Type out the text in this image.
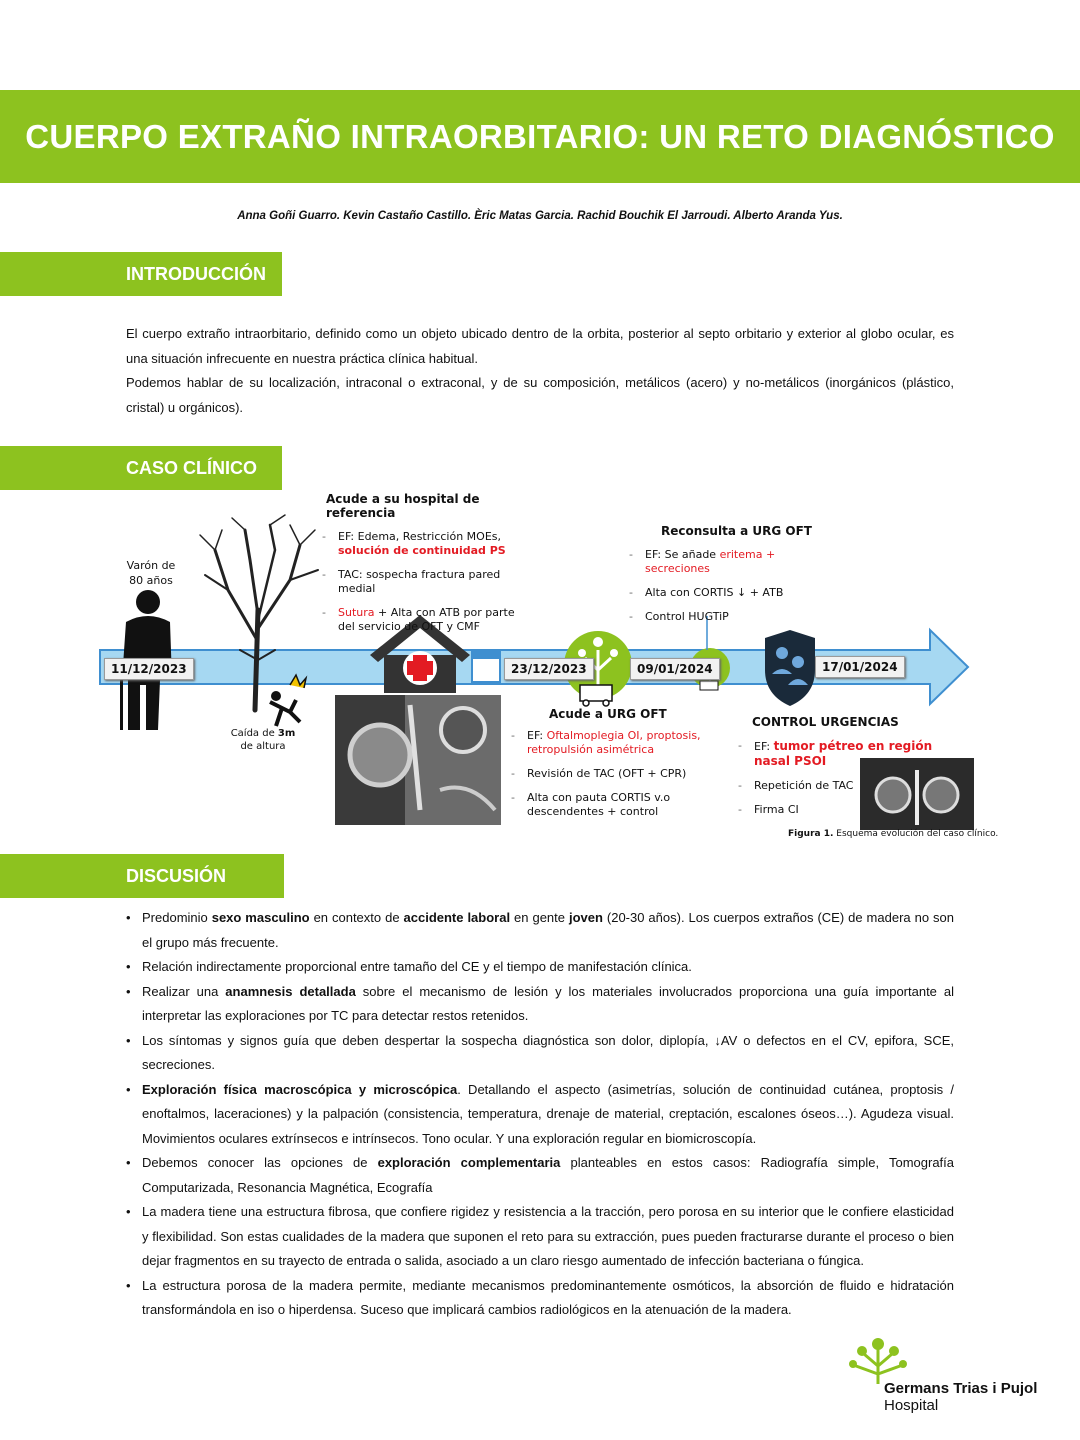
CUERPO EXTRAÑO INTRAORBITARIO: UN RETO DIAGNÓSTICO
Anna Goñi Guarro. Kevin Castaño Castillo. Èric Matas Garcia. Rachid Bouchik El Jarroudi. Alberto Aranda Yus.
INTRODUCCIÓN

El cuerpo extraño intraorbitario, definido como un objeto ubicado dentro de la orbita, posterior al septo orbitario y exterior al globo ocular, es una situación infrecuente en nuestra práctica clínica habitual.

Podemos hablar de su localización, intraconal o extraconal, y de su composición, metálicos (acero) y no-metálicos (inorgánicos (plástico, cristal) u orgánicos).

CASO CLÍNICO
Varón de 80 años
Caída de 3m de altura
11/12/2023	23/12/2023	09/01/2024	17/01/2024
Acude a su hospital de referencia
- EF: Edema, Restricción MOEs, solución de continuidad PS
- TAC: sospecha fractura pared medial
- Sutura + Alta con ATB por parte del servicio de OFT y CMF
Reconsulta a URG OFT
- EF: Se añade eritema + secreciones
- Alta con CORTIS ↓ + ATB
- Control HUGTiP
Acude a URG OFT
- EF: Oftalmoplegia OI, proptosis, retropulsión asimétrica
- Revisión de TAC (OFT + CPR)
- Alta con pauta CORTIS v.o descendentes + control
CONTROL URGENCIAS
- EF: tumor pétreo en región nasal PSOI
- Repetición de TAC
- Firma CI
Figura 1. Esquema evolución del caso clínico.
DISCUSIÓN
• Predominio sexo masculino en contexto de accidente laboral en gente joven (20-30 años). Los cuerpos extraños (CE) de madera no son el grupo más frecuente.
• Relación indirectamente proporcional entre tamaño del CE y el tiempo de manifestación clínica.
• Realizar una anamnesis detallada sobre el mecanismo de lesión y los materiales involucrados proporciona una guía importante al interpretar las exploraciones por TC para detectar restos retenidos.
• Los síntomas y signos guía que deben despertar la sospecha diagnóstica son dolor, diplopía, ↓AV o defectos en el CV, epifora, SCE, secreciones.
• Exploración física macroscópica y microscópica. Detallando el aspecto (asimetrías, solución de continuidad cutánea, proptosis / enoftalmos, laceraciones) y la palpación (consistencia, temperatura, drenaje de material, creptación, escalones óseos…). Agudeza visual. Movimientos oculares extrínsecos e intrínsecos. Tono ocular. Y una exploración regular en biomicroscopía.
• Debemos conocer las opciones de exploración complementaria planteables en estos casos: Radiografía simple, Tomografía Computarizada, Resonancia Magnética, Ecografía
• La madera tiene una estructura fibrosa, que confiere rigidez y resistencia a la tracción, pero porosa en su interior que le confiere elasticidad y flexibilidad. Son estas cualidades de la madera que suponen el reto para su extracción, pues pueden fracturarse durante el proceso o bien dejar fragmentos en su trayecto de entrada o salida, asociado a un claro riesgo aumentado de infección bacteriana o fúngica.
• La estructura porosa de la madera permite, mediante mecanismos predominantemente osmóticos, la absorción de fluido e hidratación transformándola en iso o hiperdensa. Suceso que implicará cambios radiológicos en la atenuación de la madera.
Germans Trias i Pujol
Hospital
